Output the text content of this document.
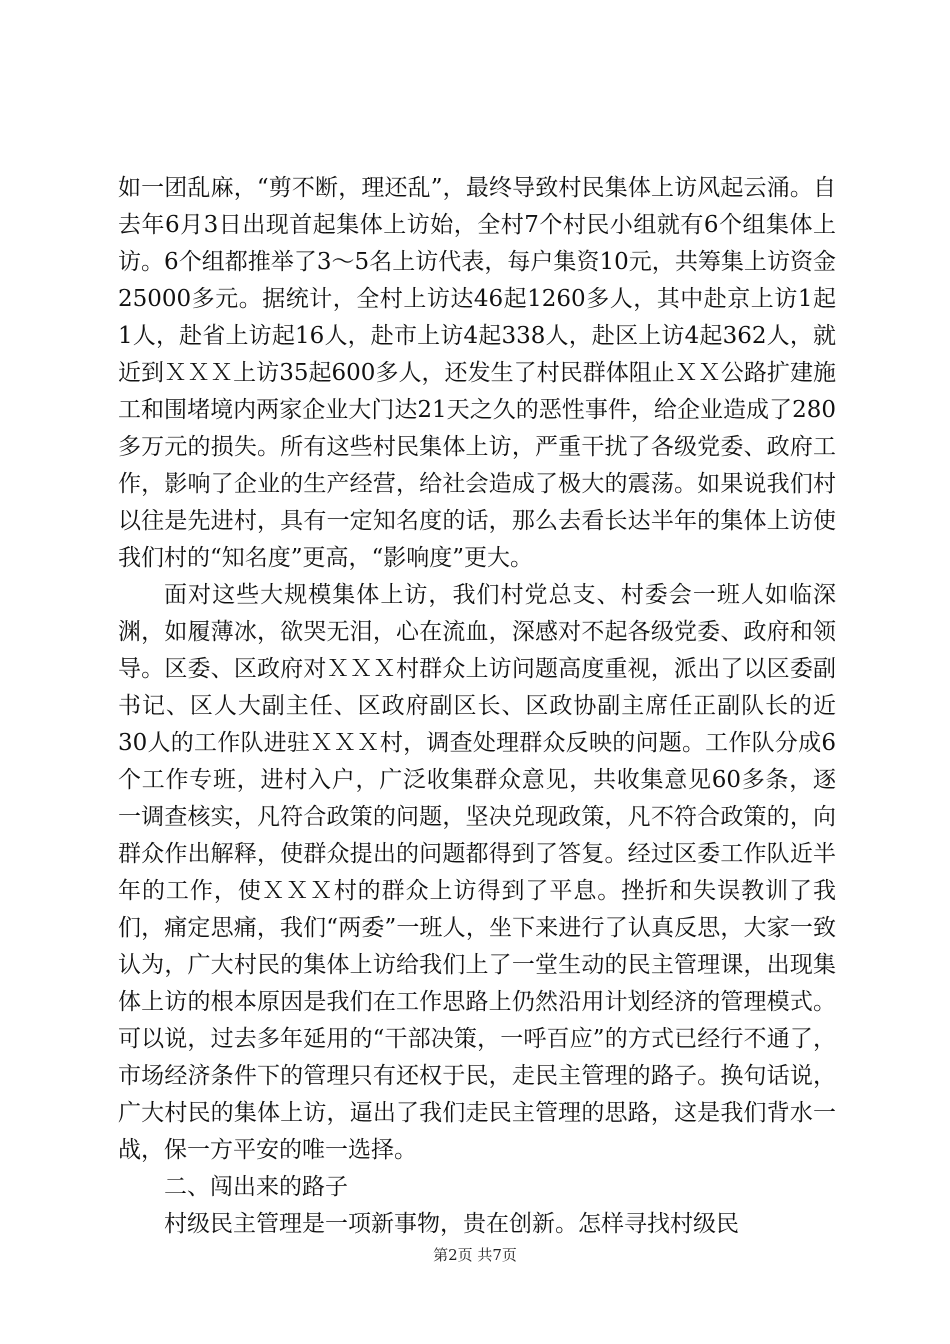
如一团乱麻，“剪不断，理还乱”，最终导致村民集体上访风起云涌。自去年6月3日出现首起集体上访始，全村7个村民小组就有6个组集体上访。6个组都推举了3～5名上访代表，每户集资10元，共筹集上访资金25000多元。据统计，全村上访达46起1260多人，其中赴京上访1起1人，赴省上访起16人，赴市上访4起338人，赴区上访4起362人，就近到ＸＸＸ上访35起600多人，还发生了村民群体阻止ＸＸ公路扩建施工和围堵境内两家企业大门达21天之久的恶性事件，给企业造成了280多万元的损失。所有这些村民集体上访，严重干扰了各级党委、政府工作，影响了企业的生产经营，给社会造成了极大的震荡。如果说我们村以往是先进村，具有一定知名度的话，那么去看长达半年的集体上访使我们村的“知名度”更高，“影响度”更大。

面对这些大规模集体上访，我们村党总支、村委会一班人如临深渊，如履薄冰，欲哭无泪，心在流血，深感对不起各级党委、政府和领导。区委、区政府对ＸＸＸ村群众上访问题高度重视，派出了以区委副书记、区人大副主任、区政府副区长、区政协副主席任正副队长的近30人的工作队进驻ＸＸＸ村，调查处理群众反映的问题。工作队分成6个工作专班，进村入户，广泛收集群众意见，共收集意见60多条，逐一调查核实，凡符合政策的问题，坚决兑现政策，凡不符合政策的，向群众作出解释，使群众提出的问题都得到了答复。经过区委工作队近半年的工作，使ＸＸＸ村的群众上访得到了平息。挫折和失误教训了我们，痛定思痛，我们“两委”一班人，坐下来进行了认真反思，大家一致认为，广大村民的集体上访给我们上了一堂生动的民主管理课，出现集体上访的根本原因是我们在工作思路上仍然沿用计划经济的管理模式。可以说，过去多年延用的“干部决策，一呼百应”的方式已经行不通了，市场经济条件下的管理只有还权于民，走民主管理的路子。换句话说，广大村民的集体上访，逼出了我们走民主管理的思路，这是我们背水一战，保一方平安的唯一选择。

二、闯出来的路子

村级民主管理是一项新事物，贵在创新。怎样寻找村级民

第2页 共7页
